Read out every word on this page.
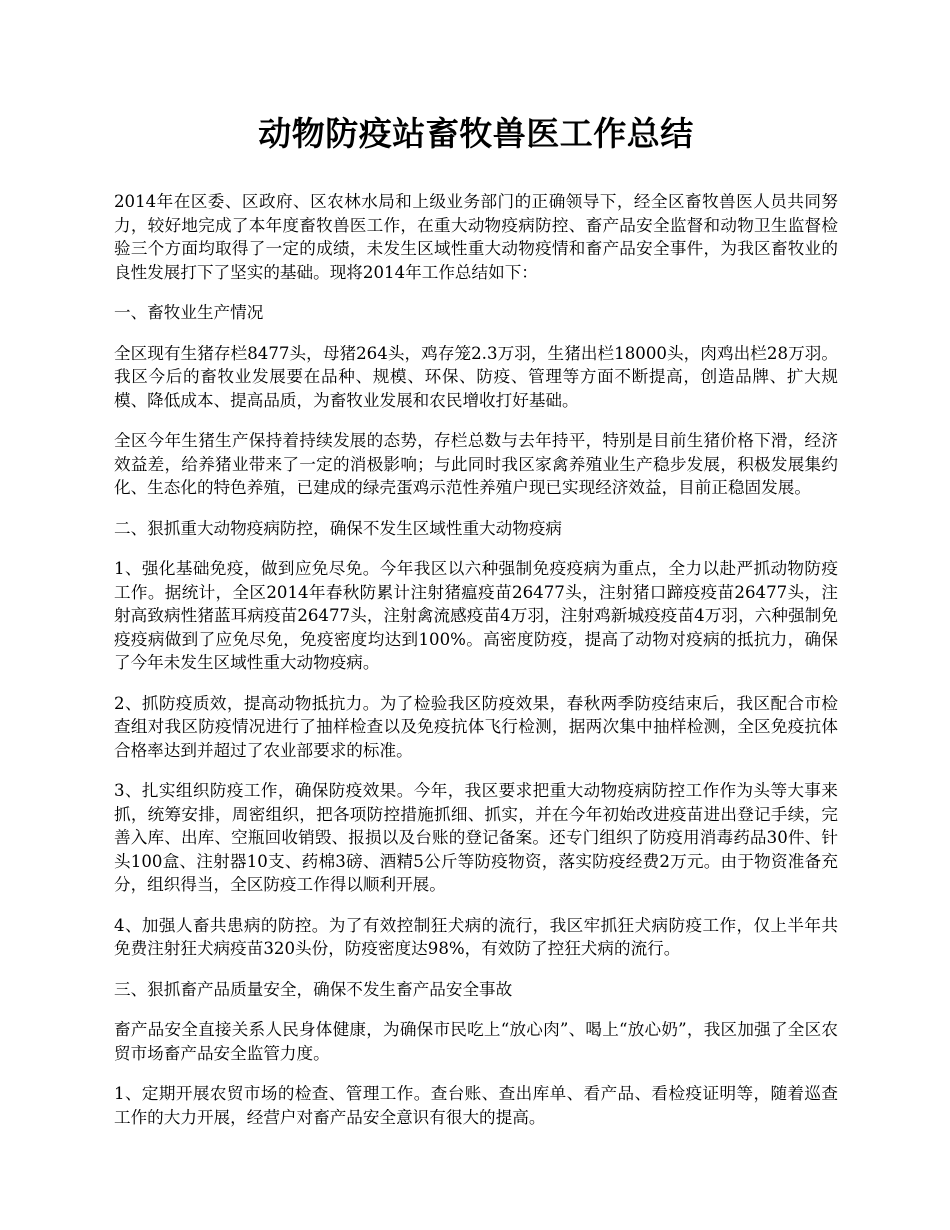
动物防疫站畜牧兽医工作总结

2014年在区委、区政府、区农林水局和上级业务部门的正确领导下，经全区畜牧兽医人员共同努力，较好地完成了本年度畜牧兽医工作，在重大动物疫病防控、畜产品安全监督和动物卫生监督检验三个方面均取得了一定的成绩，未发生区域性重大动物疫情和畜产品安全事件，为我区畜牧业的良性发展打下了坚实的基础。现将2014年工作总结如下：

一、畜牧业生产情况

全区现有生猪存栏8477头，母猪264头，鸡存笼2.3万羽，生猪出栏18000头，肉鸡出栏28万羽。我区今后的畜牧业发展要在品种、规模、环保、防疫、管理等方面不断提高，创造品牌、扩大规模、降低成本、提高品质，为畜牧业发展和农民增收打好基础。

全区今年生猪生产保持着持续发展的态势，存栏总数与去年持平，特别是目前生猪价格下滑，经济效益差，给养猪业带来了一定的消极影响；与此同时我区家禽养殖业生产稳步发展，积极发展集约化、生态化的特色养殖，已建成的绿壳蛋鸡示范性养殖户现已实现经济效益，目前正稳固发展。

二、狠抓重大动物疫病防控，确保不发生区域性重大动物疫病

1、强化基础免疫，做到应免尽免。今年我区以六种强制免疫疫病为重点，全力以赴严抓动物防疫工作。据统计，全区2014年春秋防累计注射猪瘟疫苗26477头，注射猪口蹄疫疫苗26477头，注射高致病性猪蓝耳病疫苗26477头，注射禽流感疫苗4万羽，注射鸡新城疫疫苗4万羽，六种强制免疫疫病做到了应免尽免，免疫密度均达到100%。高密度防疫，提高了动物对疫病的抵抗力，确保了今年未发生区域性重大动物疫病。

2、抓防疫质效，提高动物抵抗力。为了检验我区防疫效果，春秋两季防疫结束后，我区配合市检查组对我区防疫情况进行了抽样检查以及免疫抗体飞行检测，据两次集中抽样检测，全区免疫抗体合格率达到并超过了农业部要求的标准。

3、扎实组织防疫工作，确保防疫效果。今年，我区要求把重大动物疫病防控工作作为头等大事来抓，统筹安排，周密组织，把各项防控措施抓细、抓实，并在今年初始改进疫苗进出登记手续，完善入库、出库、空瓶回收销毁、报损以及台账的登记备案。还专门组织了防疫用消毒药品30件、针头100盒、注射器10支、药棉3磅、酒精5公斤等防疫物资，落实防疫经费2万元。由于物资准备充分，组织得当，全区防疫工作得以顺利开展。

4、加强人畜共患病的防控。为了有效控制狂犬病的流行，我区牢抓狂犬病防疫工作，仅上半年共免费注射狂犬病疫苗320头份，防疫密度达98%，有效防了控狂犬病的流行。

三、狠抓畜产品质量安全，确保不发生畜产品安全事故

畜产品安全直接关系人民身体健康，为确保市民吃上“放心肉”、喝上“放心奶”，我区加强了全区农贸市场畜产品安全监管力度。

1、定期开展农贸市场的检查、管理工作。查台账、查出库单、看产品、看检疫证明等，随着巡查工作的大力开展，经营户对畜产品安全意识有很大的提高。
